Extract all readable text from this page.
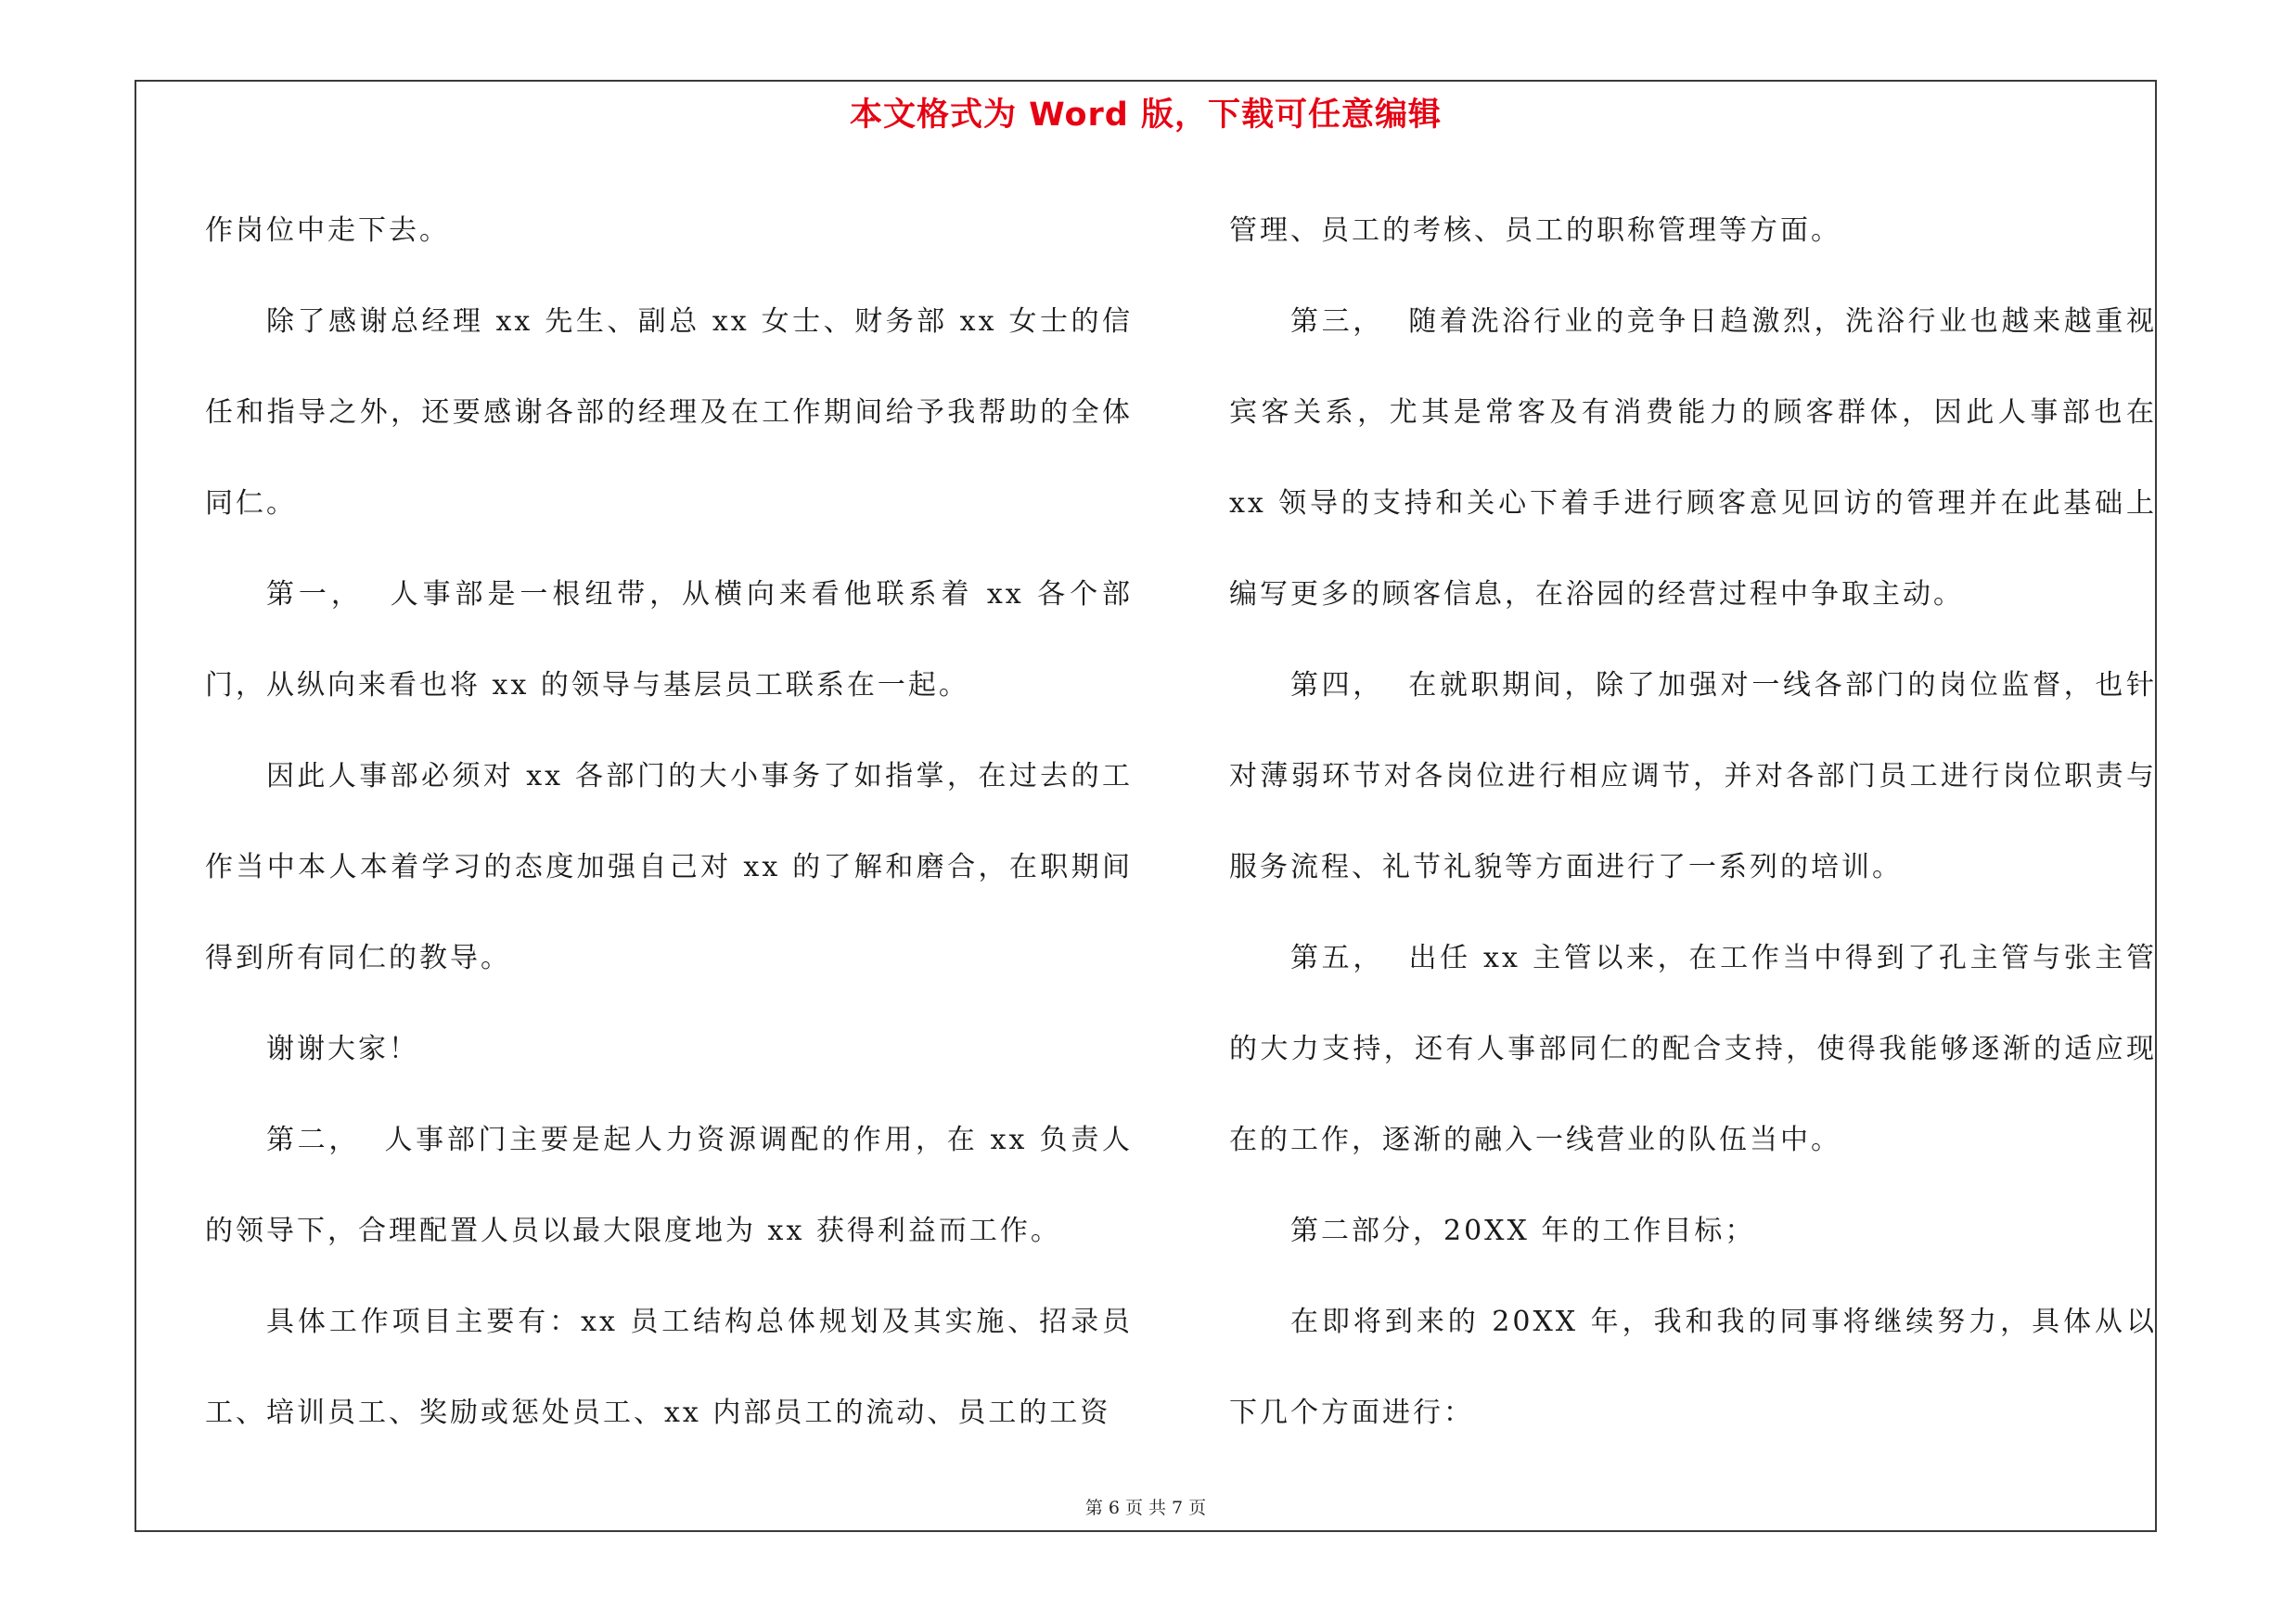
本文格式为 Word 版，下载可任意编辑

作岗位中走下去。

除了感谢总经理 xx 先生、副总 xx 女士、财务部 xx 女士的信任和指导之外，还要感谢各部的经理及在工作期间给予我帮助的全体同仁。

第一，  人事部是一根纽带，从横向来看他联系着 xx 各个部门，从纵向来看也将 xx 的领导与基层员工联系在一起。

因此人事部必须对 xx 各部门的大小事务了如指掌，在过去的工作当中本人本着学习的态度加强自己对 xx 的了解和磨合，在职期间得到所有同仁的教导。

谢谢大家！

第二，  人事部门主要是起人力资源调配的作用，在 xx 负责人的领导下，合理配置人员以最大限度地为 xx 获得利益而工作。

具体工作项目主要有：xx 员工结构总体规划及其实施、招录员工、培训员工、奖励或惩处员工、xx 内部员工的流动、员工的工资

管理、员工的考核、员工的职称管理等方面。

第三，  随着洗浴行业的竞争日趋激烈，洗浴行业也越来越重视宾客关系，尤其是常客及有消费能力的顾客群体，因此人事部也在 xx 领导的支持和关心下着手进行顾客意见回访的管理并在此基础上编写更多的顾客信息，在浴园的经营过程中争取主动。

第四，  在就职期间，除了加强对一线各部门的岗位监督，也针对薄弱环节对各岗位进行相应调节，并对各部门员工进行岗位职责与服务流程、礼节礼貌等方面进行了一系列的培训。

第五，  出任 xx 主管以来，在工作当中得到了孔主管与张主管的大力支持，还有人事部同仁的配合支持，使得我能够逐渐的适应现在的工作，逐渐的融入一线营业的队伍当中。

第二部分，20XX 年的工作目标；

在即将到来的 20XX 年，我和我的同事将继续努力，具体从以下几个方面进行：

第 6 页 共 7 页
